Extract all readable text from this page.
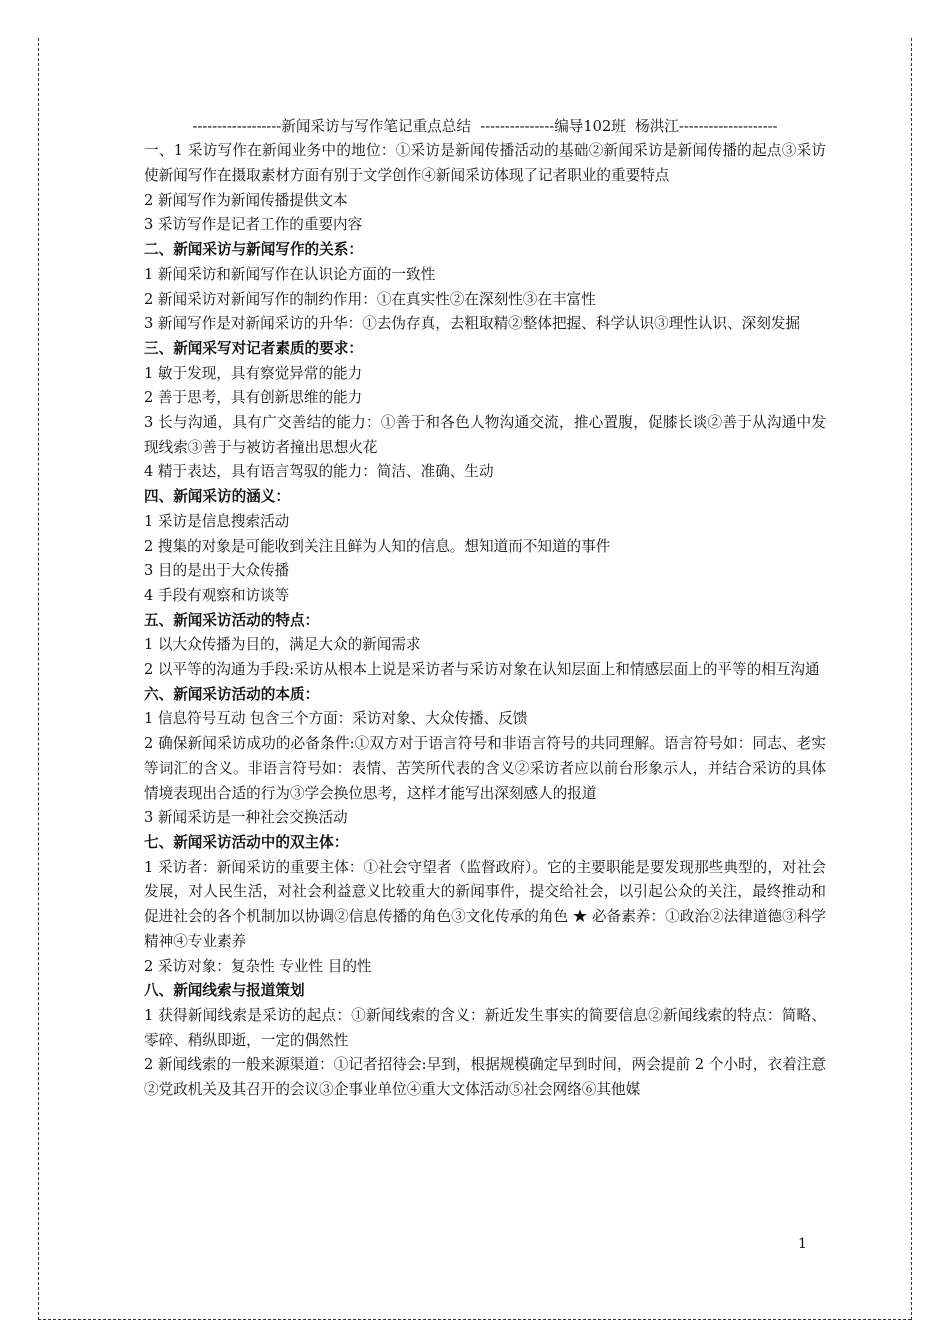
------------------新闻采访与写作笔记重点总结  ---------------编导102班  杨洪江--------------------

一、1 采访写作在新闻业务中的地位：①采访是新闻传播活动的基础②新闻采访是新闻传播的起点③采访使新闻写作在摄取素材方面有别于文学创作④新闻采访体现了记者职业的重要特点

2 新闻写作为新闻传播提供文本

3 采访写作是记者工作的重要内容

二、新闻采访与新闻写作的关系：

1 新闻采访和新闻写作在认识论方面的一致性

2 新闻采访对新闻写作的制约作用：①在真实性②在深刻性③在丰富性

3 新闻写作是对新闻采访的升华：①去伪存真，去粗取精②整体把握、科学认识③理性认识、深刻发掘

三、新闻采写对记者素质的要求：

1 敏于发现，具有察觉异常的能力

2 善于思考，具有创新思维的能力

3 长与沟通，具有广交善结的能力：①善于和各色人物沟通交流，推心置腹，促膝长谈②善于从沟通中发现线索③善于与被访者撞出思想火花

4 精于表达，具有语言驾驭的能力：简洁、准确、生动

四、新闻采访的涵义：

1 采访是信息搜索活动

2 搜集的对象是可能收到关注且鲜为人知的信息。想知道而不知道的事件

3 目的是出于大众传播

4 手段有观察和访谈等

五、新闻采访活动的特点：

1 以大众传播为目的，满足大众的新闻需求

2 以平等的沟通为手段:采访从根本上说是采访者与采访对象在认知层面上和情感层面上的平等的相互沟通

六、新闻采访活动的本质：

1 信息符号互动 包含三个方面：采访对象、大众传播、反馈

2 确保新闻采访成功的必备条件:①双方对于语言符号和非语言符号的共同理解。语言符号如：同志、老实等词汇的含义。非语言符号如：表情、苦笑所代表的含义②采访者应以前台形象示人，并结合采访的具体情境表现出合适的行为③学会换位思考，这样才能写出深刻感人的报道

3 新闻采访是一种社会交换活动

七、新闻采访活动中的双主体：

1 采访者：新闻采访的重要主体：①社会守望者（监督政府）。它的主要职能是要发现那些典型的，对社会发展，对人民生活，对社会利益意义比较重大的新闻事件，提交给社会，以引起公众的关注，最终推动和促进社会的各个机制加以协调②信息传播的角色③文化传承的角色 ★ 必备素养：①政治②法律道德③科学精神④专业素养

2 采访对象：复杂性 专业性 目的性

八、新闻线索与报道策划

1 获得新闻线索是采访的起点：①新闻线索的含义：新近发生事实的简要信息②新闻线索的特点：简略、零碎、稍纵即逝，一定的偶然性

2 新闻线索的一般来源渠道：①记者招待会:早到，根据规模确定早到时间，两会提前 2 个小时，衣着注意②党政机关及其召开的会议③企事业单位④重大文体活动⑤社会网络⑥其他媒

1
